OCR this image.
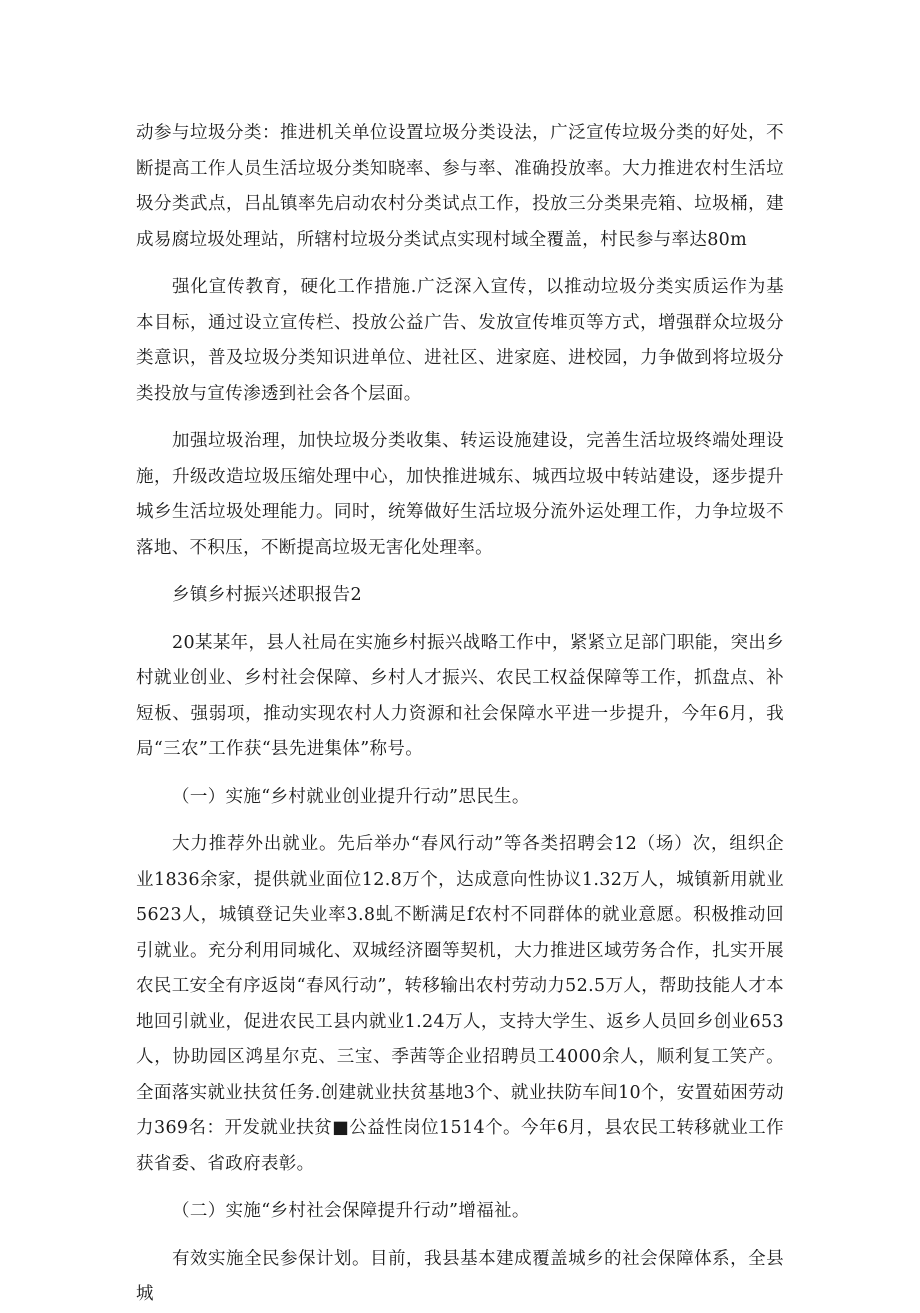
动参与垃圾分类：推进机关单位设置垃圾分类设法，广泛宣传垃圾分类的好处，不断提高工作人员生活垃圾分类知晓率、参与率、准确投放率。大力推进农村生活垃圾分类武点，吕乩镇率先启动农村分类试点工作，投放三分类果壳箱、垃圾桶，建成易腐垃圾处理站，所辖村垃圾分类试点实现村域全覆盖，村民参与率达80m

强化宣传教育，硬化工作措施.广泛深入宣传，以推动垃圾分类实质运作为基本目标，通过设立宣传栏、投放公益广告、发放宣传堆页等方式，增强群众垃圾分类意识，普及垃圾分类知识进单位、进社区、进家庭、进校园，力争做到将垃圾分类投放与宣传渗透到社会各个层面。

加强垃圾治理，加快垃圾分类收集、转运设施建设，完善生活垃圾终端处理设施，升级改造垃圾压缩处理中心，加快推进城东、城西垃圾中转站建设，逐步提升城乡生活垃圾处理能力。同时，统筹做好生活垃圾分流外运处理工作，力争垃圾不落地、不积压，不断提高垃圾无害化处理率。

乡镇乡村振兴述职报告2

20某某年，县人社局在实施乡村振兴战略工作中，紧紧立足部门职能，突出乡村就业创业、乡村社会保障、乡村人才振兴、农民工权益保障等工作，抓盘点、补短板、强弱项，推动实现农村人力资源和社会保障水平进一步提升，今年6月，我局“三农”工作获“县先进集体”称号。

（一）实施“乡村就业创业提升行动”思民生。

大力推荐外出就业。先后举办“春风行动”等各类招聘会12（场）次，组织企业1836余家，提供就业面位12.8万个，达成意向性协议1.32万人，城镇新用就业5623人，城镇登记失业率3.8虬不断满足f农村不同群体的就业意愿。积极推动回引就业。充分利用同城化、双城经济圈等契机，大力推进区域劳务合作，扎实开展农民工安全有序返岗“春风行动”，转移输出农村劳动力52.5万人，帮助技能人才本地回引就业，促进农民工县内就业1.24万人，支持大学生、返乡人员回乡创业653人，协助园区鸿星尔克、三宝、季茜等企业招聘员工4000余人，顺利复工笑产。全面落实就业扶贫任务.创建就业扶贫基地3个、就业扶防车间10个，安置茹困劳动力369名：开发就业扶贫■公益性岗位1514个。今年6月，县农民工转移就业工作获省委、省政府表彰。

（二）实施“乡村社会保障提升行动”增福祉。

有效实施全民参保计划。目前，我县基本建成覆盖城乡的社会保障体系，全县城
